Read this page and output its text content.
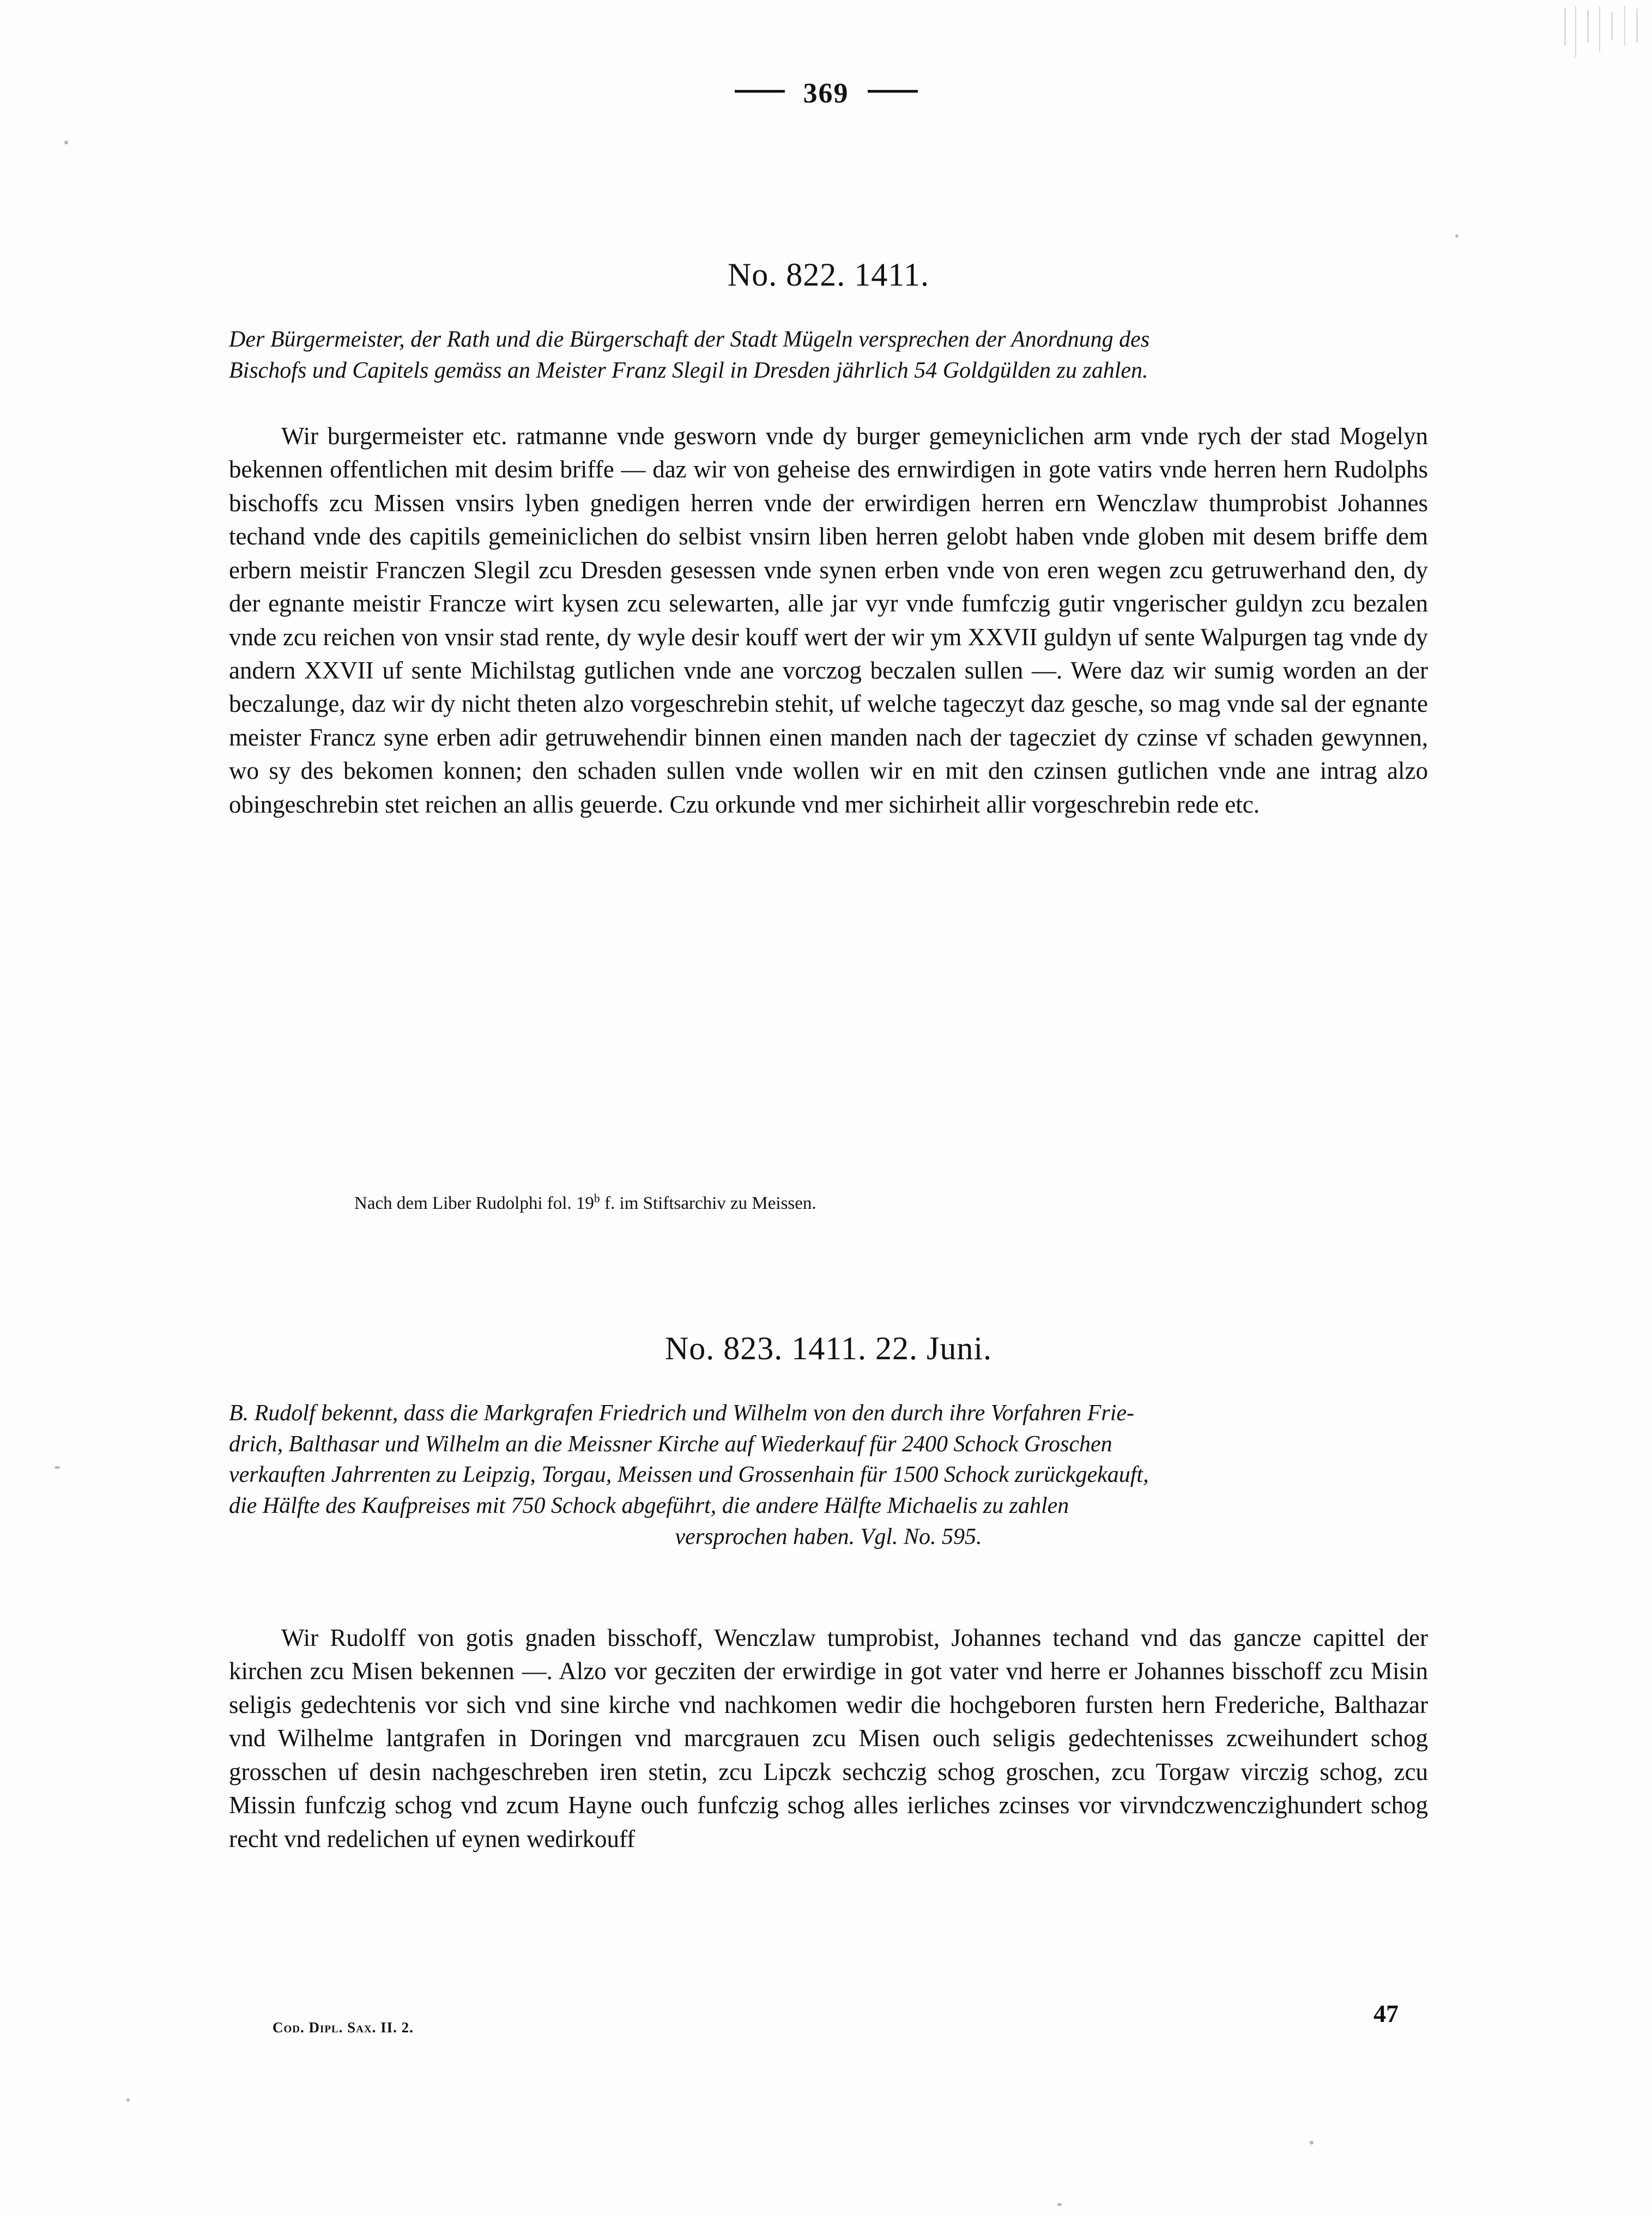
369
No. 822. 1411.

Der Bürgermeister, der Rath und die Bürgerschaft der Stadt Mügeln versprechen der Anordnung des

Bischofs und Capitels gemäss an Meister Franz Slegil in Dresden jährlich 54 Goldgülden zu zahlen.

Wir burgermeister etc. ratmanne vnde gesworn vnde dy burger gemeyniclichen arm vnde rych der stad Mogelyn bekennen offentlichen mit desim briffe — daz wir von geheise des ernwirdigen in gote vatirs vnde herren hern Rudolphs bischoffs zcu Missen vnsirs lyben gnedigen herren vnde der erwirdigen herren ern Wenczlaw thumprobist Johannes techand vnde des capitils gemeiniclichen do selbist vnsirn liben herren gelobt haben vnde globen mit desem briffe dem erbern meistir Franczen Slegil zcu Dresden gesessen vnde synen erben vnde von eren wegen zcu getruwerhand den, dy der egnante meistir Francze wirt kysen zcu selewarten, alle jar vyr vnde fumfczig gutir vngerischer guldyn zcu bezalen vnde zcu reichen von vnsir stad rente, dy wyle desir kouff wert der wir ym XXVII guldyn uf sente Walpurgen tag vnde dy andern XXVII uf sente Michilstag gutlichen vnde ane vorczog beczalen sullen —. Were daz wir sumig worden an der beczalunge, daz wir dy nicht theten alzo vorgeschrebin stehit, uf welche tageczyt daz gesche, so mag vnde sal der egnante meister Francz syne erben adir getruwehendir binnen einen manden nach der tagecziet dy czinse vf schaden gewynnen, wo sy des bekomen konnen; den schaden sullen vnde wollen wir en mit den czinsen gutlichen vnde ane intrag alzo obingeschrebin stet reichen an allis geuerde. Czu orkunde vnd mer sichirheit allir vorgeschrebin rede etc.

Nach dem Liber Rudolphi fol. 19$^b$ f. im Stiftsarchiv zu Meissen.
No. 823. 1411. 22. Juni.

B. Rudolf bekennt, dass die Markgrafen Friedrich und Wilhelm von den durch ihre Vorfahren Frie-

drich, Balthasar und Wilhelm an die Meissner Kirche auf Wiederkauf für 2400 Schock Groschen

verkauften Jahrrenten zu Leipzig, Torgau, Meissen und Grossenhain für 1500 Schock zurückgekauft,

die Hälfte des Kaufpreises mit 750 Schock abgeführt, die andere Hälfte Michaelis zu zahlen

versprochen haben. Vgl. No. 595.

Wir Rudolff von gotis gnaden bisschoff, Wenczlaw tumprobist, Johannes techand vnd das gancze capittel der kirchen zcu Misen bekennen —. Alzo vor gecziten der erwirdige in got vater vnd herre er Johannes bisschoff zcu Misin seligis gedechtenis vor sich vnd sine kirche vnd nachkomen wedir die hochgeboren fursten hern Frederiche, Balthazar vnd Wilhelme lantgrafen in Doringen vnd marcgrauen zcu Misen ouch seligis gedechtenisses zcweihundert schog grosschen uf desin nachgeschreben iren stetin, zcu Lipczk sechczig schog groschen, zcu Torgaw virczig schog, zcu Missin funfczig schog vnd zcum Hayne ouch funfczig schog alles ierliches zcinses vor virvndczwenczighundert schog recht vnd redelichen uf eynen wedirkouff

Cod. Dipl. Sax. II. 2.	47
